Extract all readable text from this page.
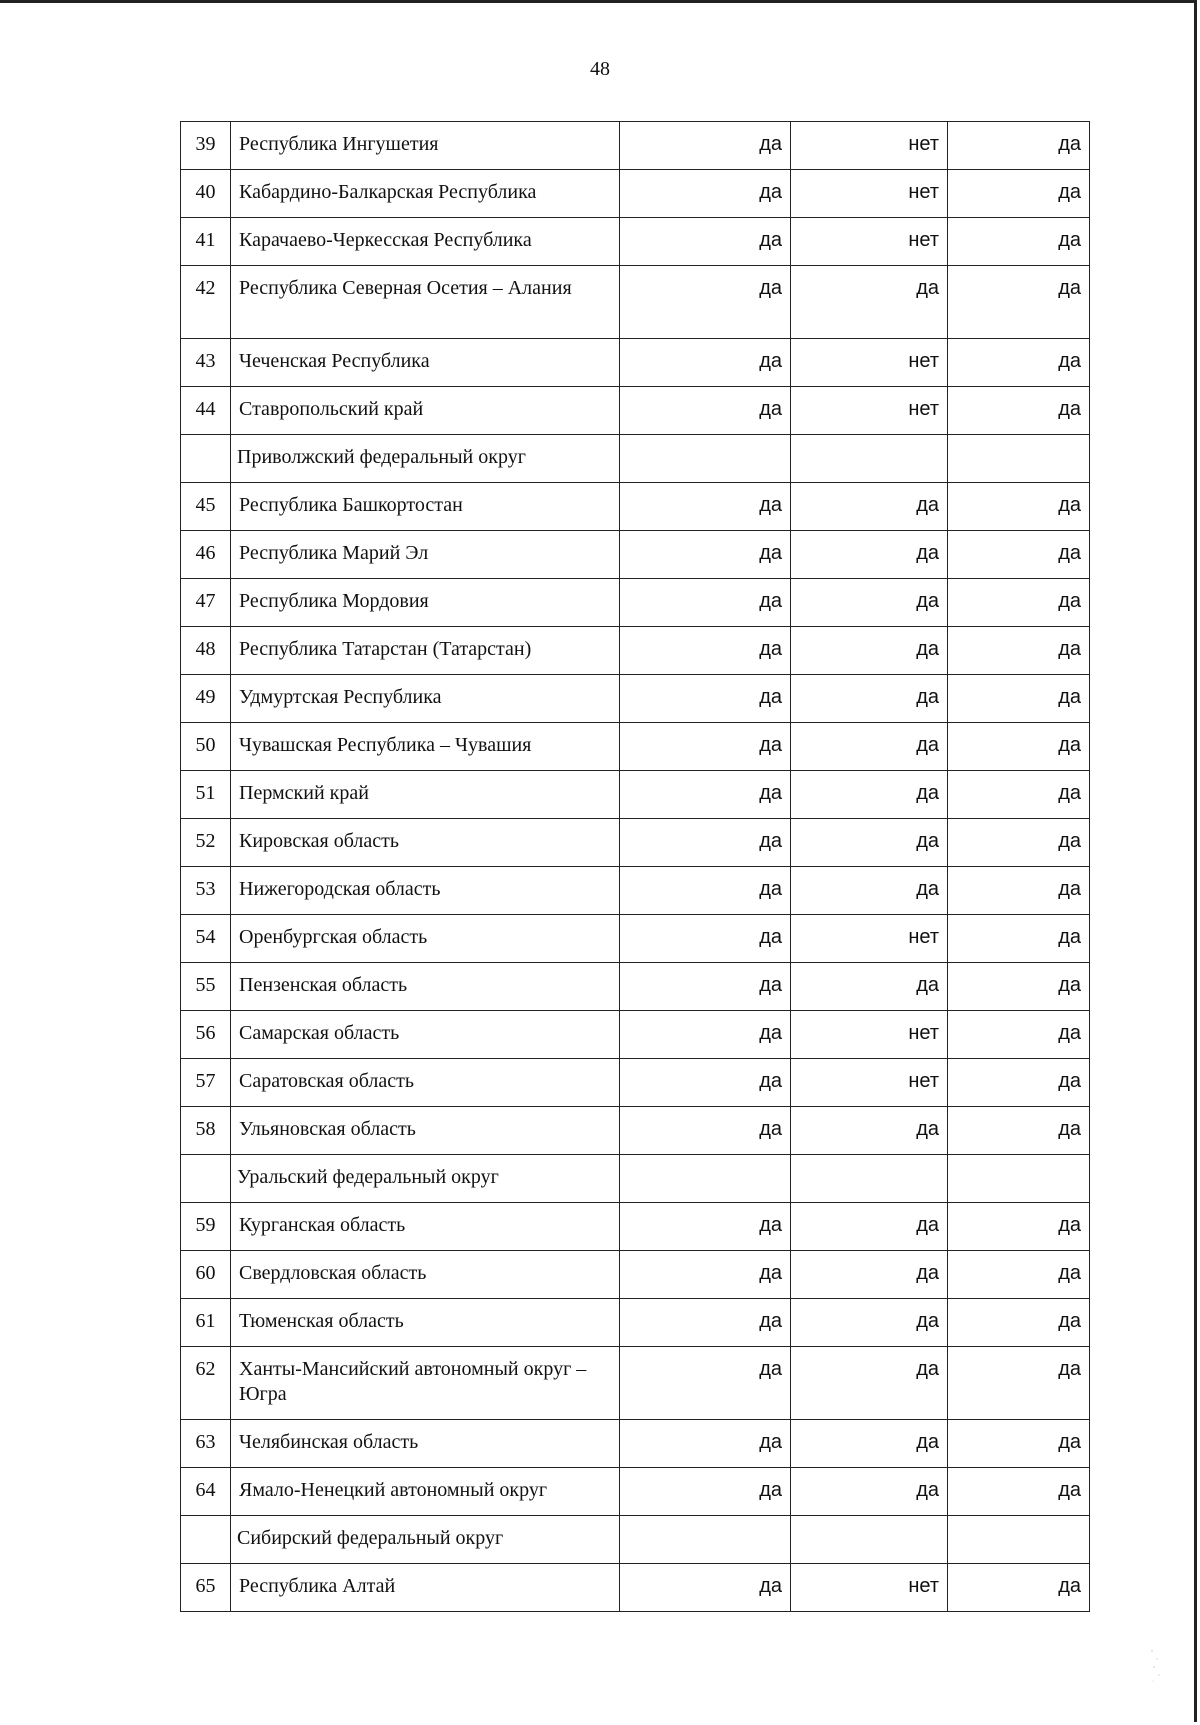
48
39	Республика Ингушетия	да	нет	да
40	Кабардино-Балкарская Республика	да	нет	да
41	Карачаево-Черкесская Республика	да	нет	да
42	Республика Северная Осетия – Алания	да	да	да
43	Чеченская Республика	да	нет	да
44	Ставропольский край	да	нет	да
	Приволжский федеральный округ			
45	Республика Башкортостан	да	да	да
46	Республика Марий Эл	да	да	да
47	Республика Мордовия	да	да	да
48	Республика Татарстан (Татарстан)	да	да	да
49	Удмуртская Республика	да	да	да
50	Чувашская Республика – Чувашия	да	да	да
51	Пермский край	да	да	да
52	Кировская область	да	да	да
53	Нижегородская область	да	да	да
54	Оренбургская область	да	нет	да
55	Пензенская область	да	да	да
56	Самарская область	да	нет	да
57	Саратовская область	да	нет	да
58	Ульяновская область	да	да	да
	Уральский федеральный округ			
59	Курганская область	да	да	да
60	Свердловская область	да	да	да
61	Тюменская область	да	да	да
62	Ханты-Мансийский автономный округ – Югра	да	да	да
63	Челябинская область	да	да	да
64	Ямало-Ненецкий автономный округ	да	да	да
	Сибирский федеральный округ			
65	Республика Алтай	да	нет	да
